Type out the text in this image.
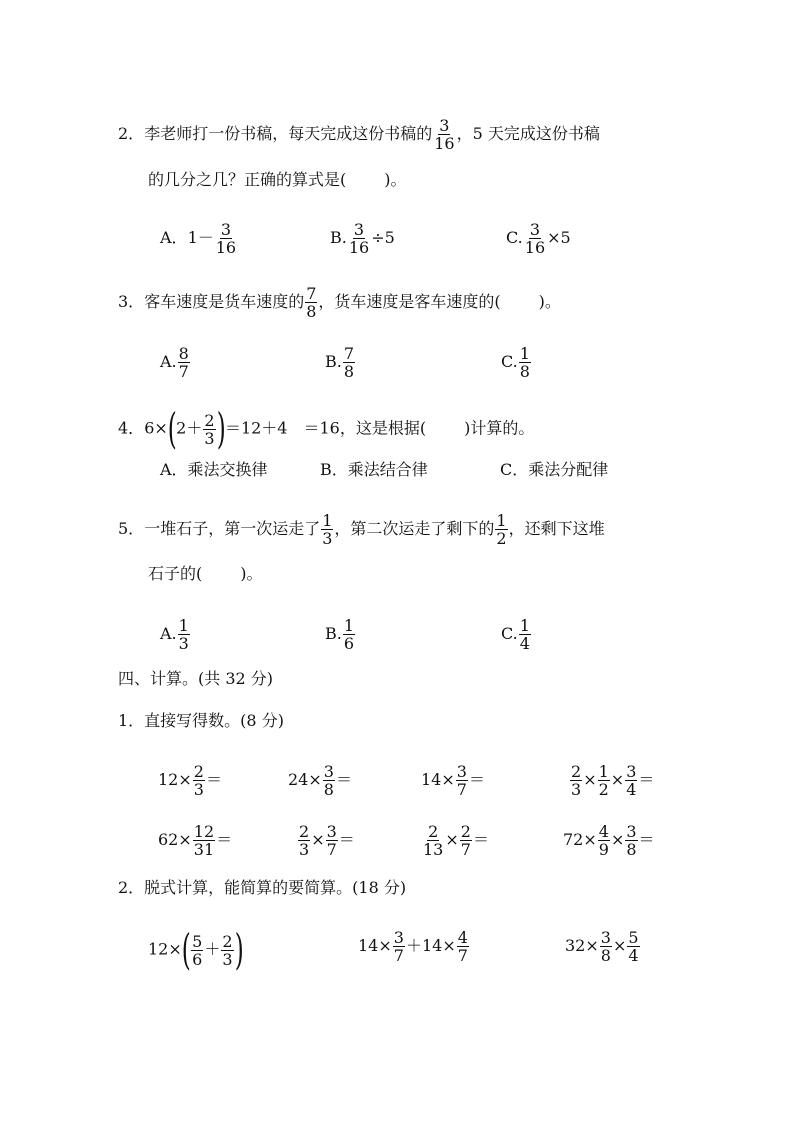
2．李老师打一份书稿，每天完成这份书稿的 $\frac{3}{16}$ ，5 天完成这份书稿
的几分之几？正确的算式是( )。
A．$1- \frac{3}{16}$	B. $\frac{3}{16} \div 5$	C. $\frac{3}{16} \times 5$
3．客车速度是货车速度的 $\frac{7}{8}$ ，货车速度是客车速度的( )。
A. $\frac{8}{7}$	B. $\frac{7}{8}$	C. $\frac{1}{8}$
4．$6\times(2+ \frac{2}{3} )=12+4$　＝16，这是根据( )计算的。
A．乘法交换律	B．乘法结合律	C．乘法分配律
5．一堆石子，第一次运走了 $\frac{1}{3}$ ，第二次运走了剩下的 $\frac{1}{2}$ ，还剩下这堆
石子的( )。
A. $\frac{1}{3}$	B. $\frac{1}{6}$	C. $\frac{1}{4}$
四、计算。(共 32 分)
1．直接写得数。(8 分)
$12\times \frac{2}{3}$ ＝	$24\times \frac{3}{8}$ ＝	$14\times \frac{3}{7}$ ＝	$\frac{2}{3} \times \frac{1}{2} \times \frac{3}{4}$ ＝
$62\times \frac{12}{31}$ ＝	$\frac{2}{3} \times \frac{3}{7}$ ＝	$\frac{2}{13} \times \frac{2}{7}$ ＝	$72\times \frac{4}{9} \times \frac{3}{8}$ ＝
2．脱式计算，能简算的要简算。(18 分)
$12\times( \frac{5}{6} + \frac{2}{3}$ )	$14\times \frac{3}{7} +14\times \frac{4}{7}$	$32\times \frac{3}{8} \times \frac{5}{4}$
